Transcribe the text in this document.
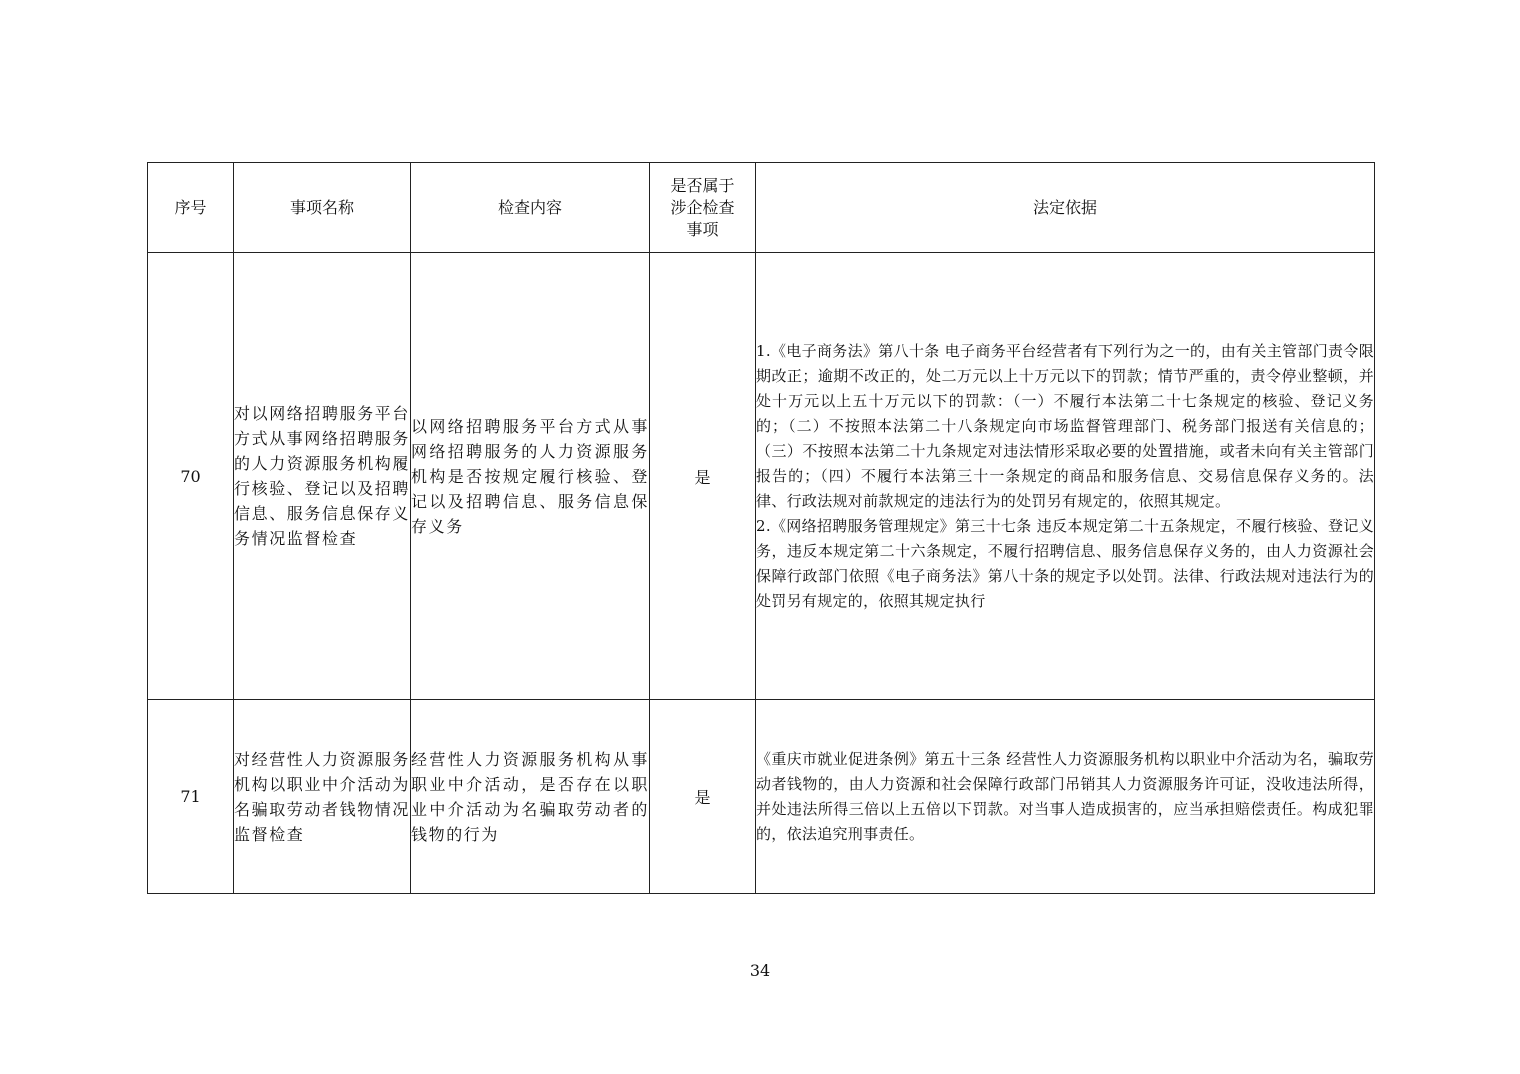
序号	事项名称	检查内容	是否属于涉企检查事项	法定依据
70	对以网络招聘服务平台方式从事网络招聘服务的人力资源服务机构履行核验、登记以及招聘信息、服务信息保存义务情况监督检查	以网络招聘服务平台方式从事网络招聘服务的人力资源服务机构是否按规定履行核验、登记以及招聘信息、服务信息保存义务	是	1.《电子商务法》第八十条 电子商务平台经营者有下列行为之一的，由有关主管部门责令限期改正；逾期不改正的，处二万元以上十万元以下的罚款；情节严重的，责令停业整顿，并处十万元以上五十万元以下的罚款：（一）不履行本法第二十七条规定的核验、登记义务的；（二）不按照本法第二十八条规定向市场监督管理部门、税务部门报送有关信息的；（三）不按照本法第二十九条规定对违法情形采取必要的处置措施，或者未向有关主管部门报告的；（四）不履行本法第三十一条规定的商品和服务信息、交易信息保存义务的。法律、行政法规对前款规定的违法行为的处罚另有规定的，依照其规定。
2.《网络招聘服务管理规定》第三十七条 违反本规定第二十五条规定，不履行核验、登记义务，违反本规定第二十六条规定，不履行招聘信息、服务信息保存义务的，由人力资源社会保障行政部门依照《电子商务法》第八十条的规定予以处罚。法律、行政法规对违法行为的处罚另有规定的，依照其规定执行

71	对经营性人力资源服务机构以职业中介活动为名骗取劳动者钱物情况监督检查	经营性人力资源服务机构从事职业中介活动，是否存在以职业中介活动为名骗取劳动者的钱物的行为	是	《重庆市就业促进条例》第五十三条 经营性人力资源服务机构以职业中介活动为名，骗取劳动者钱物的，由人力资源和社会保障行政部门吊销其人力资源服务许可证，没收违法所得，并处违法所得三倍以上五倍以下罚款。对当事人造成损害的，应当承担赔偿责任。构成犯罪的，依法追究刑事责任。
34
